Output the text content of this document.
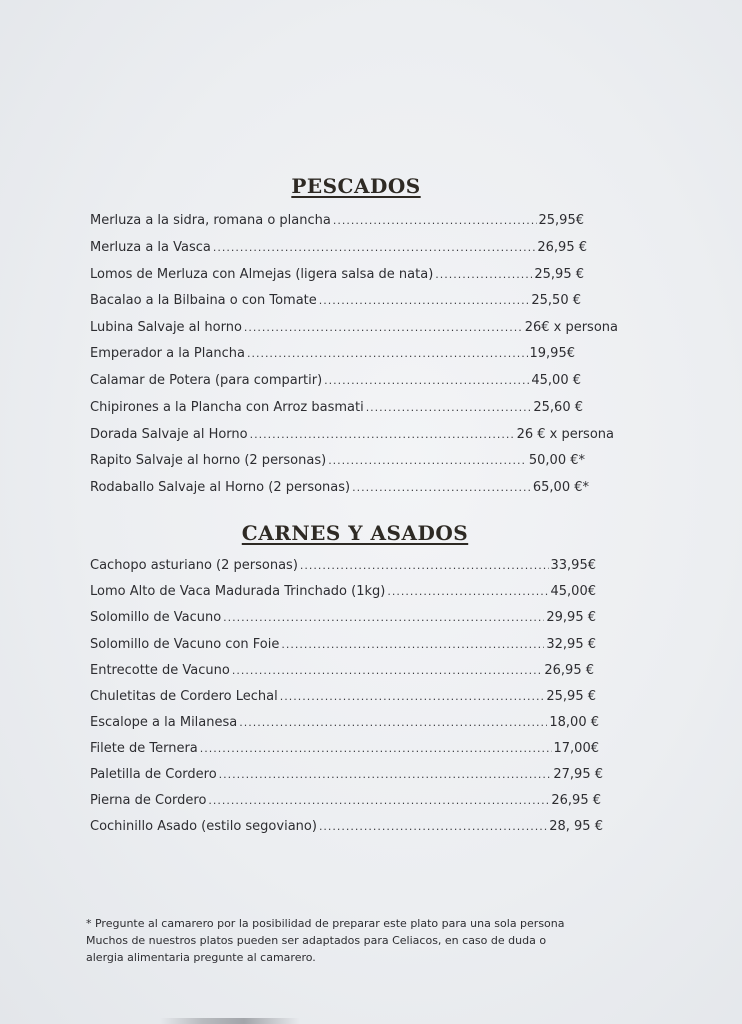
PESCADOS
Merluza a la sidra, romana o plancha .....	25,95€
Merluza a la Vasca .....	26,95 €
Lomos de Merluza con Almejas (ligera salsa de nata) .....	25,95 €
Bacalao a la Bilbaina o con Tomate .....	25,50 €
Lubina Salvaje al horno .....	26€ x persona
Emperador a la Plancha .....	19,95€
Calamar de Potera (para compartir) .....	45,00 €
Chipirones a la Plancha con Arroz basmati .....	25,60 €
Dorada Salvaje al Horno .....	26 € x persona
Rapito Salvaje al horno (2 personas) .....	50,00 €*
Rodaballo Salvaje al Horno (2 personas) .....	65,00 €*
CARNES Y ASADOS
Cachopo asturiano (2 personas) .....	33,95€
Lomo Alto de Vaca Madurada Trinchado (1kg) .....	45,00€
Solomillo de Vacuno .....	29,95 €
Solomillo de Vacuno con Foie .....	32,95 €
Entrecotte de Vacuno .....	26,95 €
Chuletitas de Cordero Lechal .....	25,95 €
Escalope a la Milanesa .....	18,00 €
Filete de Ternera .....	17,00€
Paletilla de Cordero .....	27,95 €
Pierna de Cordero .....	26,95 €
Cochinillo Asado (estilo segoviano) .....	28, 95 €
* Pregunte al camarero por la posibilidad de preparar este plato para una sola persona
Muchos de nuestros platos pueden ser adaptados para Celiacos, en caso de duda o
alergia alimentaria pregunte al camarero.
